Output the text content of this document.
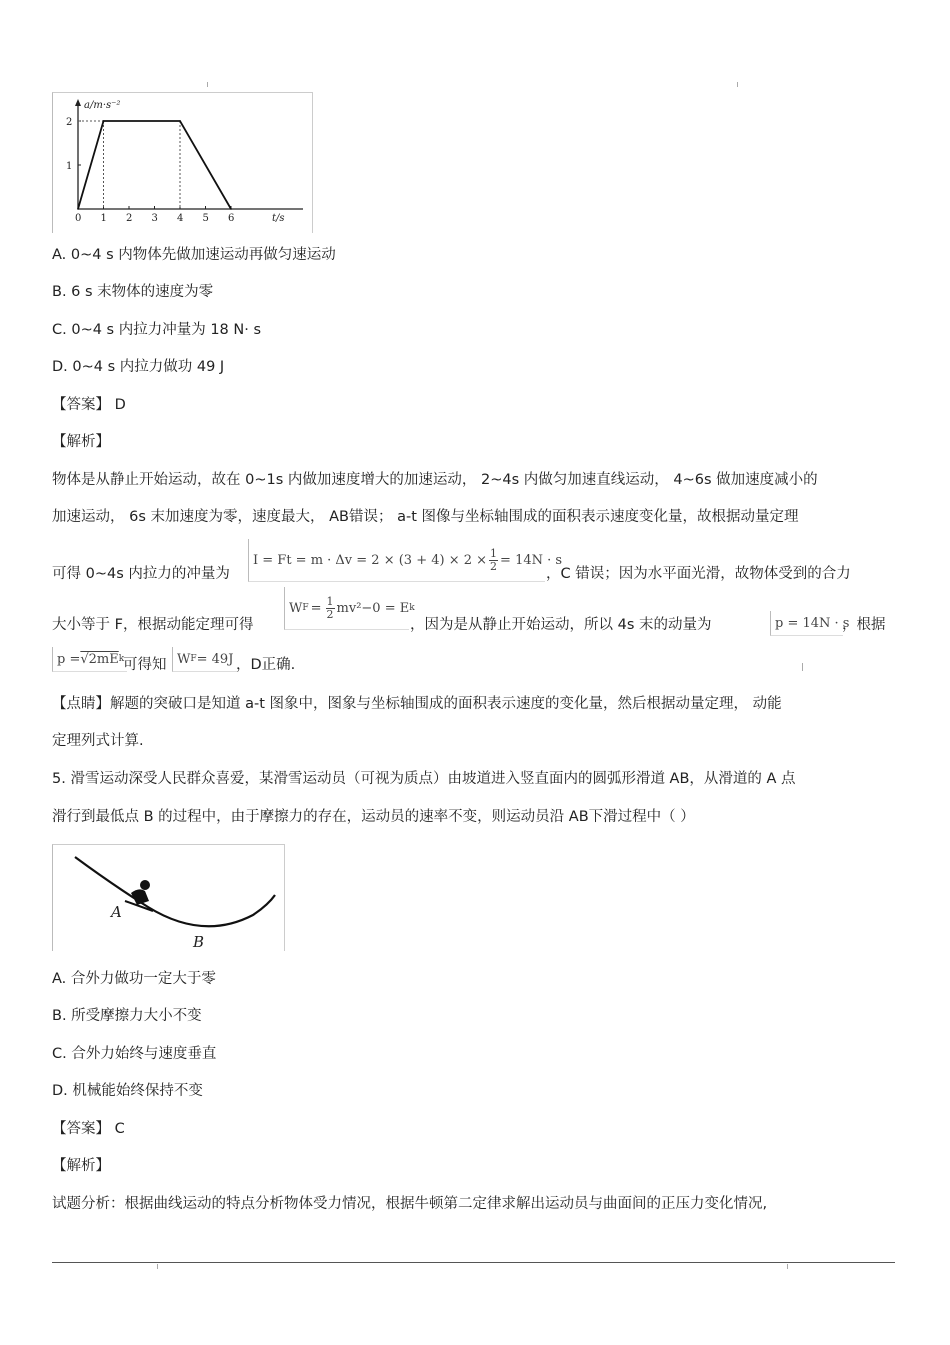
a/m·s⁻²
t/s
0 1 2 3 4 5 6
1
2
A. 0~4 s 内物体先做加速运动再做匀速运动
B. 6 s 末物体的速度为零
C. 0~4 s 内拉力冲量为 18 N· s
D. 0~4 s 内拉力做功 49 J
【答案】 D
【解析】
物体是从静止开始运动，故在 0~1s 内做加速度增大的加速运动， 2~4s 内做匀加速直线运动， 4~6s 做加速度减小的
加速运动， 6s 末加速度为零，速度最大， AB错误； a-t 图像与坐标轴围成的面积表示速度变化量，故根据动量定理
可得 0~4s 内拉力的冲量为
$I = Ft = m \cdot \Delta v = 2 \times (3 + 4) \times 2 \times \frac{1}{2} = 14N \cdot s$
，C 错误；因为水平面光滑，故物体受到的合力
大小等于 F，根据动能定理可得
W $F = \frac{1}{2} mv^2-0 = E$ k
，因为是从静止开始运动，所以 4s 末的动量为	p = 14N · s
，根据
p = √2mE k
可得知 W F = 49J ，D正确.
【点睛】解题的突破口是知道 a-t 图象中，图象与坐标轴围成的面积表示速度的变化量，然后根据动量定理， 动能
定理列式计算.
5. 滑雪运动深受人民群众喜爱，某滑雪运动员（可视为质点）由坡道进入竖直面内的圆弧形滑道 AB，从滑道的 A 点
滑行到最低点 B 的过程中，由于摩擦力的存在，运动员的速率不变，则运动员沿 AB下滑过程中（ ）
A
B
A. 合外力做功一定大于零
B. 所受摩擦力大小不变
C. 合外力始终与速度垂直
D. 机械能始终保持不变
【答案】 C
【解析】
试题分析：根据曲线运动的特点分析物体受力情况，根据牛顿第二定律求解出运动员与曲面间的正压力变化情况,
